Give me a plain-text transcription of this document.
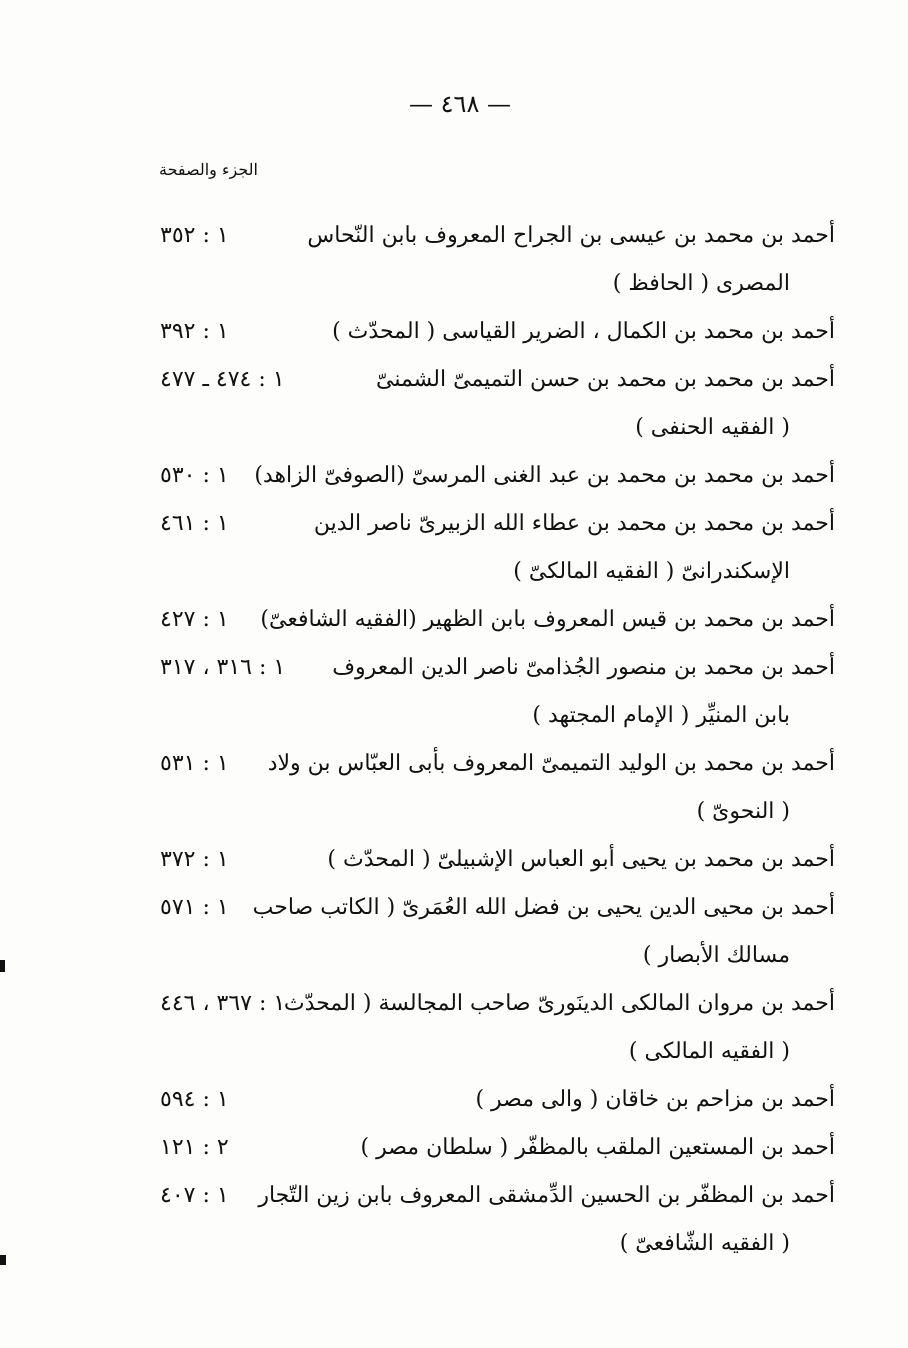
— ٤٦٨ —
الجزء والصفحة
أحمد بن محمد بن عيسى بن الجراح المعروف بابن النّحاس
١ : ٣٥٢
المصرى ( الحافظ )
أحمد بن محمد بن الكمال ، الضرير القياسى ( المحدّث )
١ : ٣٩٢
أحمد بن محمد بن محمد بن حسن التميمىّ الشمنىّ
١ : ٤٧٤ ـ ٤٧٧
( الفقيه الحنفى )
أحمد بن محمد بن محمد بن عبد الغنى المرسىّ (الصوفىّ الزاهد)
١ : ٥٣٠
أحمد بن محمد بن محمد بن عطاء الله الزبيرىّ ناصر الدين
١ : ٤٦١
الإسكندرانىّ ( الفقيه المالكىّ )
أحمد بن محمد بن قيس المعروف بابن الظهير (الفقيه الشافعىّ)
١ : ٤٢٧
أحمد بن محمد بن منصور الجُذامىّ ناصر الدين المعروف
١ : ٣١٦ ، ٣١٧
بابن المنيِّر ( الإمام المجتهد )
أحمد بن محمد بن الوليد التميمىّ المعروف بأبى العبّاس بن ولاد
١ : ٥٣١
( النحوىّ )
أحمد بن محمد بن يحيى أبو العباس الإشبيلىّ ( المحدّث )
١ : ٣٧٢
أحمد بن محيى الدين يحيى بن فضل الله العُمَرىّ ( الكاتب صاحب
١ : ٥٧١
مسالك الأبصار )
أحمد بن مروان المالكى الدينَورىّ صاحب المجالسة ( المحدّث
١ : ٣٦٧ ، ٤٤٦
( الفقيه المالكى )
أحمد بن مزاحم بن خاقان ( والى مصر )
١ : ٥٩٤
أحمد بن المستعين الملقب بالمظفّر ( سلطان مصر )
٢ : ١٢١
أحمد بن المظفّر بن الحسين الدِّمشقى المعروف بابن زين التّجار
١ : ٤٠٧
( الفقيه الشّافعىّ )
